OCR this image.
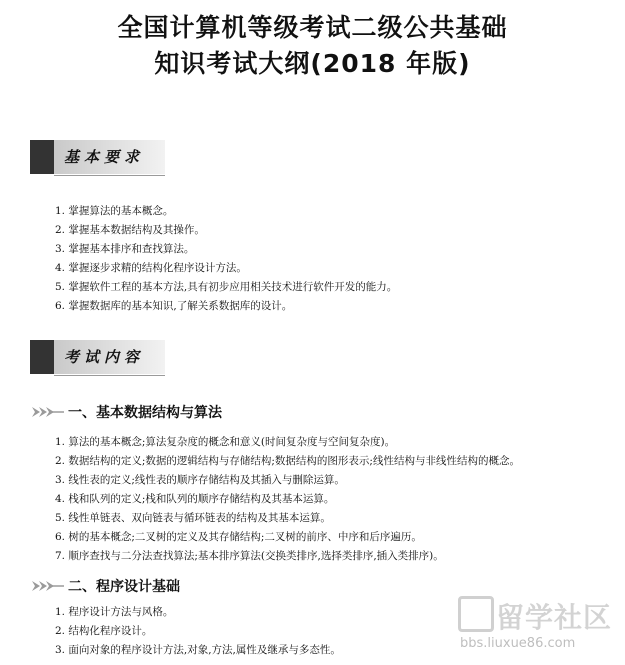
全国计算机等级考试二级公共基础
知识考试大纲(2018 年版)
基本要求
1. 掌握算法的基本概念。
2. 掌握基本数据结构及其操作。
3. 掌握基本排序和查找算法。
4. 掌握逐步求精的结构化程序设计方法。
5. 掌握软件工程的基本方法,具有初步应用相关技术进行软件开发的能力。
6. 掌握数据库的基本知识,了解关系数据库的设计。
考试内容
一、基本数据结构与算法
1. 算法的基本概念;算法复杂度的概念和意义(时间复杂度与空间复杂度)。
2. 数据结构的定义;数据的逻辑结构与存储结构;数据结构的图形表示;线性结构与非线性结构的概念。
3. 线性表的定义;线性表的顺序存储结构及其插入与删除运算。
4. 栈和队列的定义;栈和队列的顺序存储结构及其基本运算。
5. 线性单链表、双向链表与循环链表的结构及其基本运算。
6. 树的基本概念;二叉树的定义及其存储结构;二叉树的前序、中序和后序遍历。
7. 顺序查找与二分法查找算法;基本排序算法(交换类排序,选择类排序,插入类排序)。
二、程序设计基础
1. 程序设计方法与风格。
2. 结构化程序设计。
3. 面向对象的程序设计方法,对象,方法,属性及继承与多态性。
留学社区
bbs.liuxue86.com
